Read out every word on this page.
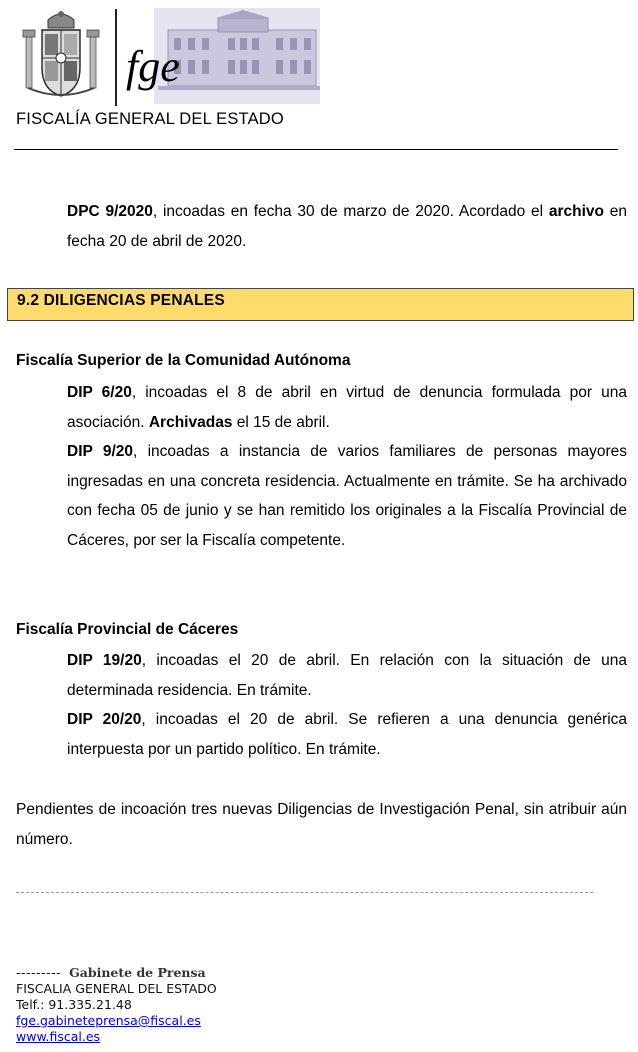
fge
FISCALÍA GENERAL DEL ESTADO
DPC 9/2020, incoadas en fecha 30 de marzo de 2020. Acordado el archivo en fecha 20 de abril de 2020.
9.2 DILIGENCIAS PENALES
Fiscalía Superior de la Comunidad Autónoma
DIP 6/20, incoadas el 8 de abril en virtud de denuncia formulada por una asociación. Archivadas el 15 de abril.
DIP 9/20, incoadas a instancia de varios familiares de personas mayores ingresadas en una concreta residencia. Actualmente en trámite. Se ha archivado con fecha 05 de junio y se han remitido los originales a la Fiscalía Provincial de Cáceres, por ser la Fiscalía competente.
Fiscalía Provincial de Cáceres
DIP 19/20, incoadas el 20 de abril. En relación con la situación de una determinada residencia. En trámite.
DIP 20/20, incoadas el 20 de abril. Se refieren a una denuncia genérica interpuesta por un partido político. En trámite.
Pendientes de incoación tres nuevas Diligencias de Investigación Penal, sin atribuir aún número.
--------- Gabinete de Prensa
FISCALIA GENERAL DEL ESTADO
Telf.: 91.335.21.48
fge.gabineteprensa@fiscal.es
www.fiscal.es
